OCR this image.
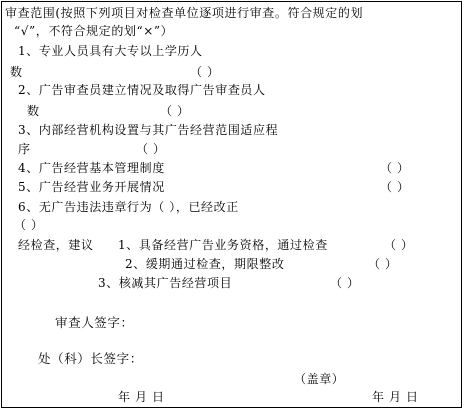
审查范围(按照下列项目对检查单位逐项进行审查。符合规定的划
“√”，不符合规定的划“×”）
1、专业人员具有大专以上学历人
数	（ ）
2、广告审查员建立情况及取得广告审查员人
数	（ ）
3、内部经营机构设置与其广告经营范围适应程
序	（ ）
4、广告经营基本管理制度	（ ）
5、广告经营业务开展情况	（ ）
6、无广告违法违章行为（ ），已经改正
（ ）
经检查，建议 1、具备经营广告业务资格，通过检查	（ ）
2、缓期通过检查，期限整改	（ ）
3、核减其广告经营项目	（ ）
审查人签字：
处（科）长签字：
（盖章）
年 月 日	年 月 日
